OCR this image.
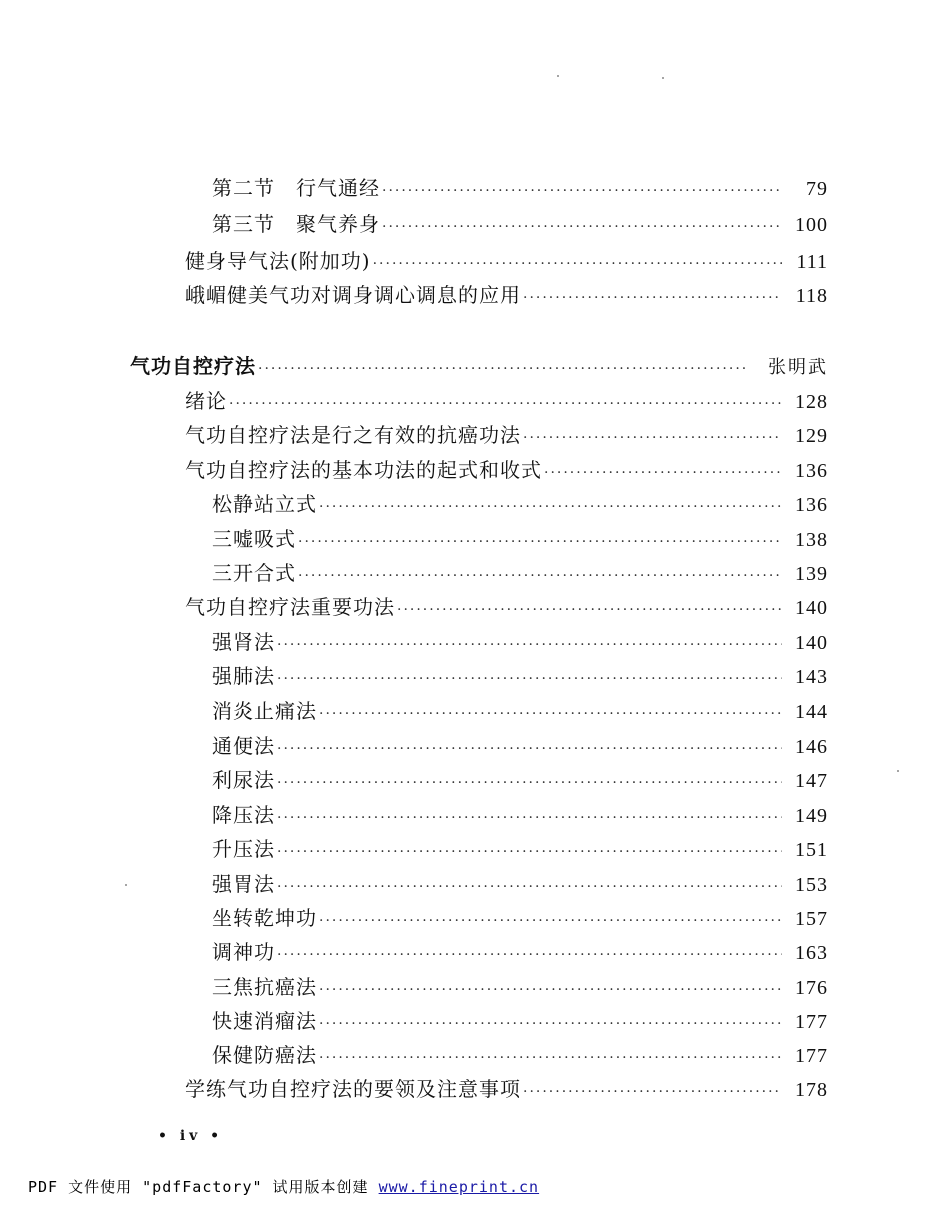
第二节　行气通经 ·····	79
第三节　聚气养身 ·····	100
健身导气法(附加功) ·····	111
峨嵋健美气功对调身调心调息的应用 ·····	118
气功自控疗法 ·····	张明武
绪论 ·····	128
气功自控疗法是行之有效的抗癌功法 ·····	129
气功自控疗法的基本功法的起式和收式 ·····	136
松静站立式 ·····	136
三嘘吸式 ·····	138
三开合式 ·····	139
气功自控疗法重要功法 ·····	140
强肾法 ·····	140
强肺法 ·····	143
消炎止痛法 ·····	144
通便法 ·····	146
利尿法 ·····	147
降压法 ·····	149
升压法 ·····	151
强胃法 ·····	153
坐转乾坤功 ·····	157
调神功 ·····	163
三焦抗癌法 ·····	176
快速消瘤法 ·····	177
保健防癌法 ·····	177
学练气功自控疗法的要领及注意事项 ·····	178
• iv •
PDF 文件使用 "pdfFactory" 试用版本创建 www.fineprint.cn
